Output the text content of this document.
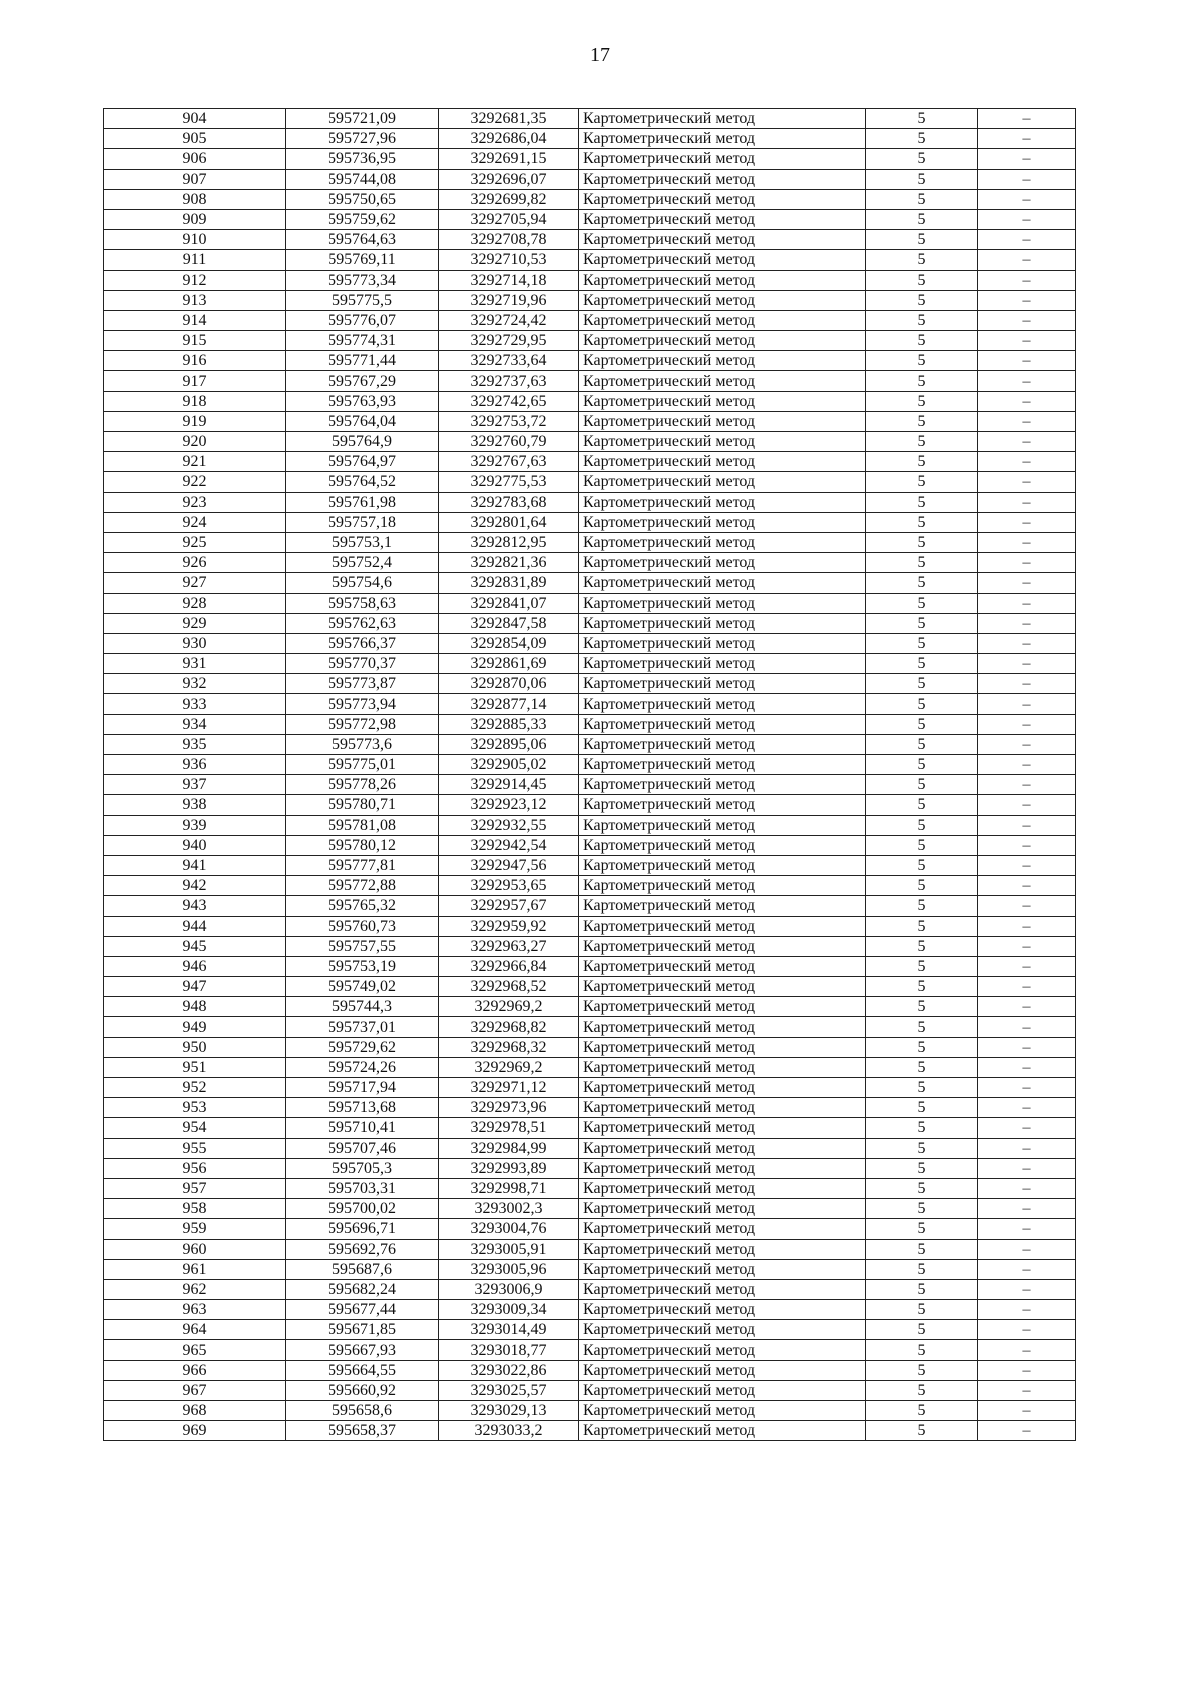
17
904	595721,09	3292681,35	Картометрический метод	5	–
905	595727,96	3292686,04	Картометрический метод	5	–
906	595736,95	3292691,15	Картометрический метод	5	–
907	595744,08	3292696,07	Картометрический метод	5	–
908	595750,65	3292699,82	Картометрический метод	5	–
909	595759,62	3292705,94	Картометрический метод	5	–
910	595764,63	3292708,78	Картометрический метод	5	–
911	595769,11	3292710,53	Картометрический метод	5	–
912	595773,34	3292714,18	Картометрический метод	5	–
913	595775,5	3292719,96	Картометрический метод	5	–
914	595776,07	3292724,42	Картометрический метод	5	–
915	595774,31	3292729,95	Картометрический метод	5	–
916	595771,44	3292733,64	Картометрический метод	5	–
917	595767,29	3292737,63	Картометрический метод	5	–
918	595763,93	3292742,65	Картометрический метод	5	–
919	595764,04	3292753,72	Картометрический метод	5	–
920	595764,9	3292760,79	Картометрический метод	5	–
921	595764,97	3292767,63	Картометрический метод	5	–
922	595764,52	3292775,53	Картометрический метод	5	–
923	595761,98	3292783,68	Картометрический метод	5	–
924	595757,18	3292801,64	Картометрический метод	5	–
925	595753,1	3292812,95	Картометрический метод	5	–
926	595752,4	3292821,36	Картометрический метод	5	–
927	595754,6	3292831,89	Картометрический метод	5	–
928	595758,63	3292841,07	Картометрический метод	5	–
929	595762,63	3292847,58	Картометрический метод	5	–
930	595766,37	3292854,09	Картометрический метод	5	–
931	595770,37	3292861,69	Картометрический метод	5	–
932	595773,87	3292870,06	Картометрический метод	5	–
933	595773,94	3292877,14	Картометрический метод	5	–
934	595772,98	3292885,33	Картометрический метод	5	–
935	595773,6	3292895,06	Картометрический метод	5	–
936	595775,01	3292905,02	Картометрический метод	5	–
937	595778,26	3292914,45	Картометрический метод	5	–
938	595780,71	3292923,12	Картометрический метод	5	–
939	595781,08	3292932,55	Картометрический метод	5	–
940	595780,12	3292942,54	Картометрический метод	5	–
941	595777,81	3292947,56	Картометрический метод	5	–
942	595772,88	3292953,65	Картометрический метод	5	–
943	595765,32	3292957,67	Картометрический метод	5	–
944	595760,73	3292959,92	Картометрический метод	5	–
945	595757,55	3292963,27	Картометрический метод	5	–
946	595753,19	3292966,84	Картометрический метод	5	–
947	595749,02	3292968,52	Картометрический метод	5	–
948	595744,3	3292969,2	Картометрический метод	5	–
949	595737,01	3292968,82	Картометрический метод	5	–
950	595729,62	3292968,32	Картометрический метод	5	–
951	595724,26	3292969,2	Картометрический метод	5	–
952	595717,94	3292971,12	Картометрический метод	5	–
953	595713,68	3292973,96	Картометрический метод	5	–
954	595710,41	3292978,51	Картометрический метод	5	–
955	595707,46	3292984,99	Картометрический метод	5	–
956	595705,3	3292993,89	Картометрический метод	5	–
957	595703,31	3292998,71	Картометрический метод	5	–
958	595700,02	3293002,3	Картометрический метод	5	–
959	595696,71	3293004,76	Картометрический метод	5	–
960	595692,76	3293005,91	Картометрический метод	5	–
961	595687,6	3293005,96	Картометрический метод	5	–
962	595682,24	3293006,9	Картометрический метод	5	–
963	595677,44	3293009,34	Картометрический метод	5	–
964	595671,85	3293014,49	Картометрический метод	5	–
965	595667,93	3293018,77	Картометрический метод	5	–
966	595664,55	3293022,86	Картометрический метод	5	–
967	595660,92	3293025,57	Картометрический метод	5	–
968	595658,6	3293029,13	Картометрический метод	5	–
969	595658,37	3293033,2	Картометрический метод	5	–
